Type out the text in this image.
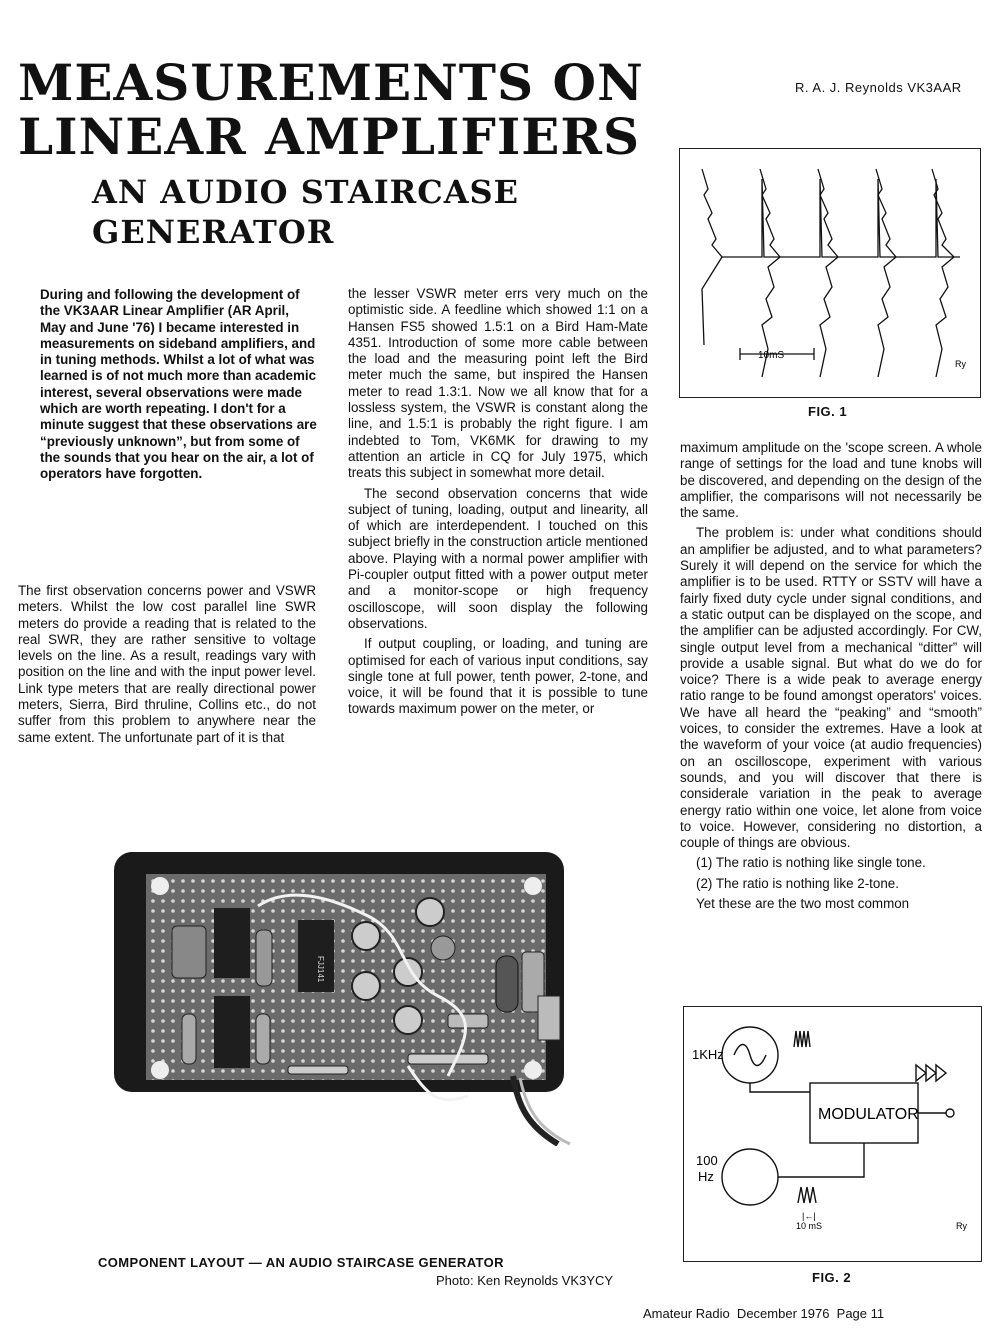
MEASUREMENTS ON
LINEAR AMPLIFIERS
AN AUDIO STAIRCASE
GENERATOR
R. A. J. Reynolds VK3AAR

During and following the development of the VK3AAR Linear Amplifier (AR April, May and June '76) I became interested in measurements on sideband amplifiers, and in tuning methods. Whilst a lot of what was learned is of not much more than academic interest, several observations were made which are worth repeating. I don't for a minute suggest that these observations are “previously unknown”, but from some of the sounds that you hear on the air, a lot of operators have forgotten.

The first observation concerns power and VSWR meters. Whilst the low cost parallel line SWR meters do provide a reading that is related to the real SWR, they are rather sensitive to voltage levels on the line. As a result, readings vary with position on the line and with the input power level. Link type meters that are really directional power meters, Sierra, Bird thruline, Collins etc., do not suffer from this problem to anywhere near the same extent. The unfortunate part of it is that

the lesser VSWR meter errs very much on the optimistic side. A feedline which showed 1:1 on a Hansen FS5 showed 1.5:1 on a Bird Ham-Mate 4351. Introduction of some more cable between the load and the measuring point left the Bird meter much the same, but inspired the Hansen meter to read 1.3:1. Now we all know that for a lossless system, the VSWR is constant along the line, and 1.5:1 is probably the right figure. I am indebted to Tom, VK6MK for drawing to my attention an article in CQ for July 1975, which treats this subject in somewhat more detail.

The second observation concerns that wide subject of tuning, loading, output and linearity, all of which are interdependent. I touched on this subject briefly in the construction article mentioned above. Playing with a normal power amplifier with Pi-coupler output fitted with a power output meter and a monitor-scope or high frequency oscilloscope, will soon display the following observations.

If output coupling, or loading, and tuning are optimised for each of various input conditions, say single tone at full power, tenth power, 2-tone, and voice, it will be found that it is possible to tune towards maximum power on the meter, or

maximum amplitude on the 'scope screen. A whole range of settings for the load and tune knobs will be discovered, and depending on the design of the amplifier, the comparisons will not necessarily be the same.

The problem is: under what conditions should an amplifier be adjusted, and to what parameters? Surely it will depend on the service for which the amplifier is to be used. RTTY or SSTV will have a fairly fixed duty cycle under signal conditions, and a static output can be displayed on the scope, and the amplifier can be adjusted accordingly. For CW, single output level from a mechanical “ditter” will provide a usable signal. But what do we do for voice? There is a wide peak to average energy ratio range to be found amongst operators' voices. We have all heard the “peaking” and “smooth” voices, to consider the extremes. Have a look at the waveform of your voice (at audio frequencies) on an oscilloscope, experiment with various sounds, and you will discover that there is considerale variation in the peak to average energy ratio within one voice, let alone from voice to voice. However, considering no distortion, a couple of things are obvious.

(1) The ratio is nothing like single tone.

(2) The ratio is nothing like 2-tone.

Yet these are the two most common

10mS
Ry
FIG. 1
FJJ141
COMPONENT LAYOUT — AN AUDIO STAIRCASE GENERATOR
Photo: Ken Reynolds VK3YCY
1KHz
100
Hz
MODULATOR
|←|
10 mS	Ry
FIG. 2
Amateur Radio  December 1976  Page 11
